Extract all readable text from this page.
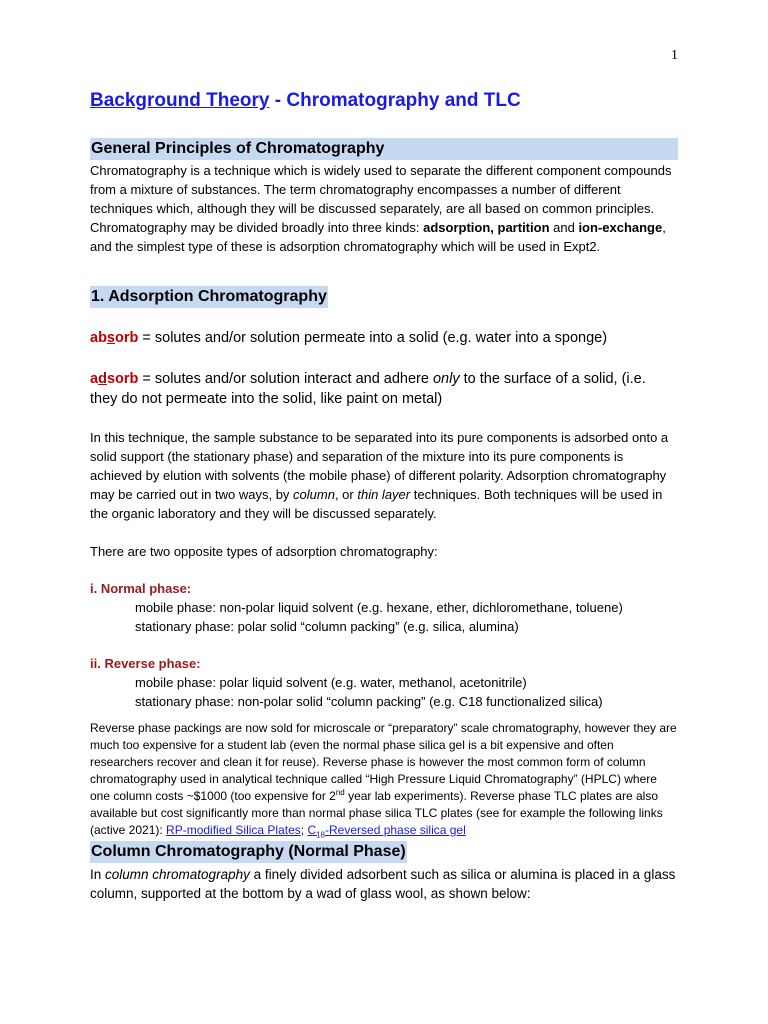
1
Background Theory - Chromatography and TLC
General Principles of Chromatography

Chromatography is a technique which is widely used to separate the different component compounds from a mixture of substances. The term chromatography encompasses a number of different techniques which, although they will be discussed separately, are all based on common principles. Chromatography may be divided broadly into three kinds: adsorption, partition and ion-exchange, and the simplest type of these is adsorption chromatography which will be used in Expt2.

1. Adsorption Chromatography

absorb = solutes and/or solution permeate into a solid (e.g. water into a sponge)

adsorb = solutes and/or solution interact and adhere only to the surface of a solid, (i.e.

they do not permeate into the solid, like paint on metal)

In this technique, the sample substance to be separated into its pure components is adsorbed onto a solid support (the stationary phase) and separation of the mixture into its pure components is achieved by elution with solvents (the mobile phase) of different polarity. Adsorption chromatography may be carried out in two ways, by column, or thin layer techniques. Both techniques will be used in the organic laboratory and they will be discussed separately.

There are two opposite types of adsorption chromatography:

i. Normal phase:

mobile phase: non-polar liquid solvent (e.g. hexane, ether, dichloromethane, toluene)

stationary phase: polar solid “column packing” (e.g. silica, alumina)

ii. Reverse phase:

mobile phase: polar liquid solvent (e.g. water, methanol, acetonitrile)

stationary phase: non-polar solid “column packing” (e.g. C18 functionalized silica)

Reverse phase packings are now sold for microscale or “preparatory” scale chromatography, however they are much too expensive for a student lab (even the normal phase silica gel is a bit expensive and often researchers recover and clean it for reuse). Reverse phase is however the most common form of column chromatography used in analytical technique called “High Pressure Liquid Chromatography” (HPLC) where one column costs ~$1000 (too expensive for 2nd year lab experiments). Reverse phase TLC plates are also available but cost significantly more than normal phase silica TLC plates (see for example the following links (active 2021): RP-modified Silica Plates; $C_{18}$-Reversed phase silica gel

Column Chromatography (Normal Phase)

In column chromatography a finely divided adsorbent such as silica or alumina is placed in a glass column, supported at the bottom by a wad of glass wool, as shown below:
